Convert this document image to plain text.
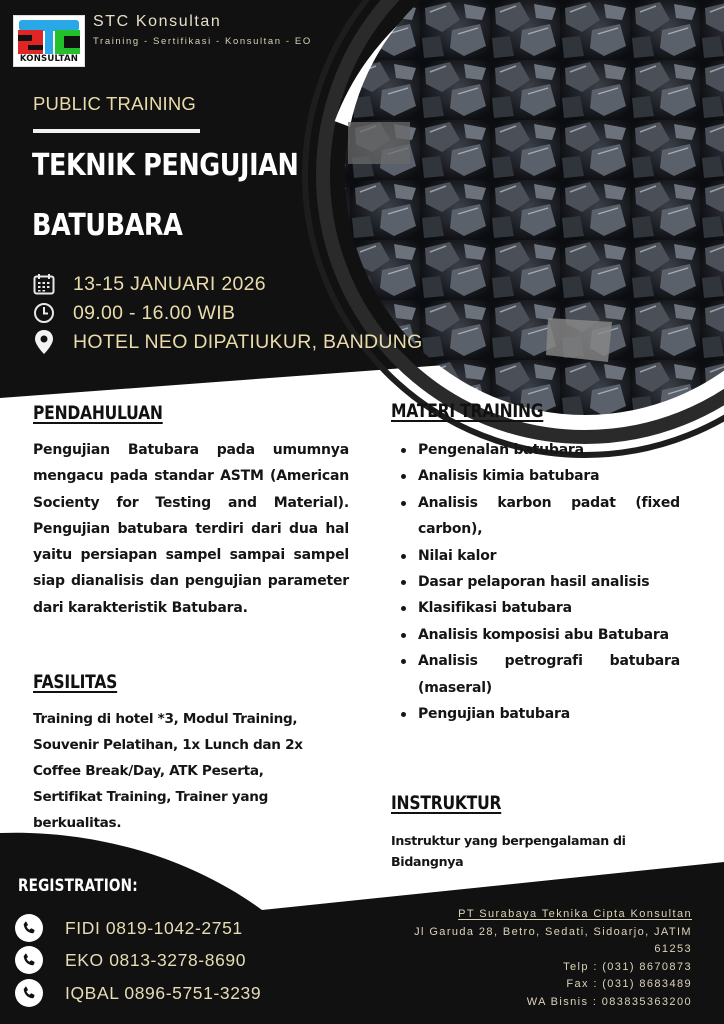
KONSULTAN
STC Konsultan
Training - Sertifikasi - Konsultan - EO
PUBLIC TRAINING
TEKNIK PENGUJIAN
BATUBARA
13-15 JANUARI 2026
09.00 - 16.00 WIB
HOTEL NEO DIPATIUKUR, BANDUNG
PENDAHULUAN
Pengujian Batubara pada umumnya mengacu pada standar ASTM (American Socienty for Testing and Material). Pengujian batubara terdiri dari dua hal yaitu persiapan sampel sampai sampel siap dianalisis dan pengujian parameter dari karakteristik Batubara.
FASILITAS
Training di hotel *3, Modul Training,
Souvenir Pelatihan, 1x Lunch dan 2x
Coffee Break/Day, ATK Peserta,
Sertifikat Training, Trainer yang
berkualitas.
MATERI TRAINING
Pengenalan batubara
Analisis kimia batubara
Analisis karbon padat (fixed carbon),
Nilai kalor
Dasar pelaporan hasil analisis
Klasifikasi batubara
Analisis komposisi abu Batubara
Analisis petrografi batubara (maseral)
Pengujian batubara
INSTRUKTUR
Instruktur yang berpengalaman di
Bidangnya
REGISTRATION:
FIDI 0819-1042-2751
EKO 0813-3278-8690
IQBAL 0896-5751-3239
PT Surabaya Teknika Cipta Konsultan
Jl Garuda 28, Betro, Sedati, Sidoarjo, JATIM
61253
Telp : (031) 8670873
Fax : (031) 8683489
WA Bisnis : 083835363200
